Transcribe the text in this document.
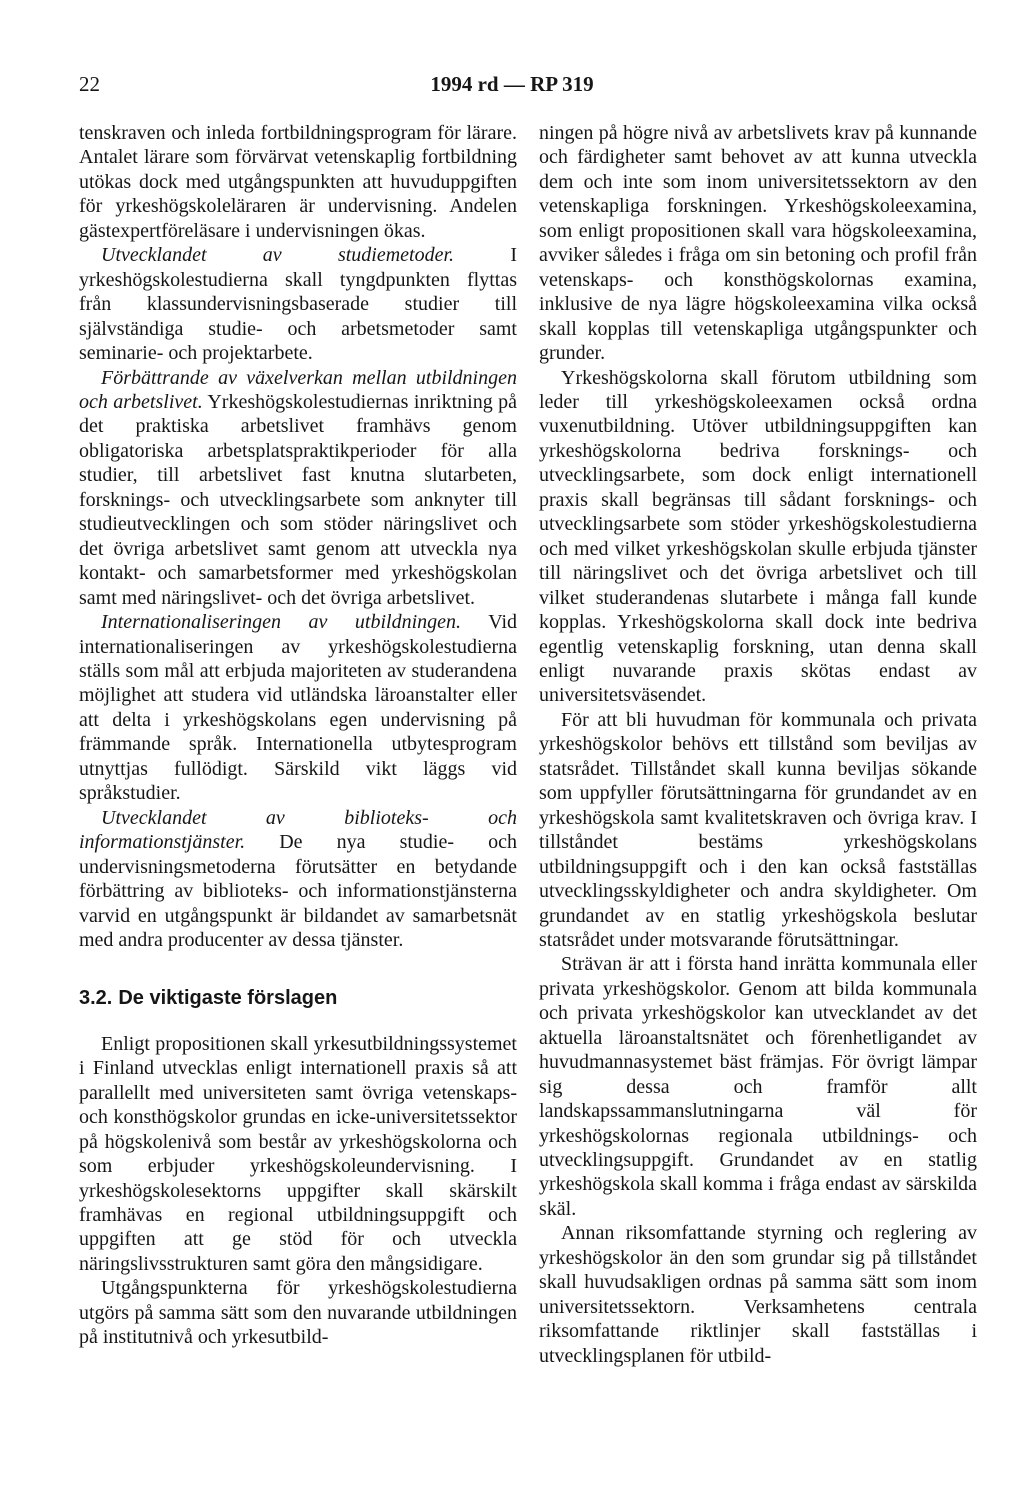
22	1994 rd — RP 319

tenskraven och inleda fortbildningsprogram för lärare. Antalet lärare som förvärvat vetenskaplig fortbildning utökas dock med utgångspunkten att huvuduppgiften för yrkeshögskoleläraren är undervisning. Andelen gästexpertföreläsare i undervisningen ökas.

Utvecklandet av studiemetoder. I yrkeshögskolestudierna skall tyngdpunkten flyttas från klassundervisningsbaserade studier till självständiga studie- och arbetsmetoder samt seminarie- och projektarbete.

Förbättrande av växelverkan mellan utbildningen och arbetslivet. Yrkeshögskolestudiernas inriktning på det praktiska arbetslivet framhävs genom obligatoriska arbetsplatspraktikperioder för alla studier, till arbetslivet fast knutna slutarbeten, forsknings- och utvecklingsarbete som anknyter till studieutvecklingen och som stöder näringslivet och det övriga arbetslivet samt genom att utveckla nya kontakt- och samarbetsformer med yrkeshögskolan samt med näringslivet- och det övriga arbetslivet.

Internationaliseringen av utbildningen. Vid internationaliseringen av yrkeshögskolestudierna ställs som mål att erbjuda majoriteten av studerandena möjlighet att studera vid utländska läroanstalter eller att delta i yrkeshögskolans egen undervisning på främmande språk. Internationella utbytesprogram utnyttjas fullödigt. Särskild vikt läggs vid språkstudier.

Utvecklandet av biblioteks- och informationstjänster. De nya studie- och undervisningsmetoderna förutsätter en betydande förbättring av biblioteks- och informationstjänsterna varvid en utgångspunkt är bildandet av samarbetsnät med andra producenter av dessa tjänster.

3.2. De viktigaste förslagen

Enligt propositionen skall yrkesutbildningssystemet i Finland utvecklas enligt internationell praxis så att parallellt med universiteten samt övriga vetenskaps- och konsthögskolor grundas en icke-universitetssektor på högskolenivå som består av yrkeshögskolorna och som erbjuder yrkeshögskoleundervisning. I yrkeshögskolesektorns uppgifter skall skärskilt framhävas en regional utbildningsuppgift och uppgiften att ge stöd för och utveckla näringslivsstrukturen samt göra den mångsidigare.

Utgångspunkterna för yrkeshögskolestudierna utgörs på samma sätt som den nuvarande utbildningen på institutnivå och yrkesutbild-

ningen på högre nivå av arbetslivets krav på kunnande och färdigheter samt behovet av att kunna utveckla dem och inte som inom universitetssektorn av den vetenskapliga forskningen. Yrkeshögskoleexamina, som enligt propositionen skall vara högskoleexamina, avviker således i fråga om sin betoning och profil från vetenskaps- och konsthögskolornas examina, inklusive de nya lägre högskoleexamina vilka också skall kopplas till vetenskapliga utgångspunkter och grunder.

Yrkeshögskolorna skall förutom utbildning som leder till yrkeshögskoleexamen också ordna vuxenutbildning. Utöver utbildningsuppgiften kan yrkeshögskolorna bedriva forsknings- och utvecklingsarbete, som dock enligt internationell praxis skall begränsas till sådant forsknings- och utvecklingsarbete som stöder yrkeshögskolestudierna och med vilket yrkeshögskolan skulle erbjuda tjänster till näringslivet och det övriga arbetslivet och till vilket studerandenas slutarbete i många fall kunde kopplas. Yrkeshögskolorna skall dock inte bedriva egentlig vetenskaplig forskning, utan denna skall enligt nuvarande praxis skötas endast av universitetsväsendet.

För att bli huvudman för kommunala och privata yrkeshögskolor behövs ett tillstånd som beviljas av statsrådet. Tillståndet skall kunna beviljas sökande som uppfyller förutsättningarna för grundandet av en yrkeshögskola samt kvalitetskraven och övriga krav. I tillståndet bestäms yrkeshögskolans utbildningsuppgift och i den kan också fastställas utvecklingsskyldigheter och andra skyldigheter. Om grundandet av en statlig yrkeshögskola beslutar statsrådet under motsvarande förutsättningar.

Strävan är att i första hand inrätta kommunala eller privata yrkeshögskolor. Genom att bilda kommunala och privata yrkeshögskolor kan utvecklandet av det aktuella läroanstaltsnätet och förenhetligandet av huvudmannasystemet bäst främjas. För övrigt lämpar sig dessa och framför allt landskapssammanslutningarna väl för yrkeshögskolornas regionala utbildnings- och utvecklingsuppgift. Grundandet av en statlig yrkeshögskola skall komma i fråga endast av särskilda skäl.

Annan riksomfattande styrning och reglering av yrkeshögskolor än den som grundar sig på tillståndet skall huvudsakligen ordnas på samma sätt som inom universitetssektorn. Verksamhetens centrala riksomfattande riktlinjer skall fastställas i utvecklingsplanen för utbild-
